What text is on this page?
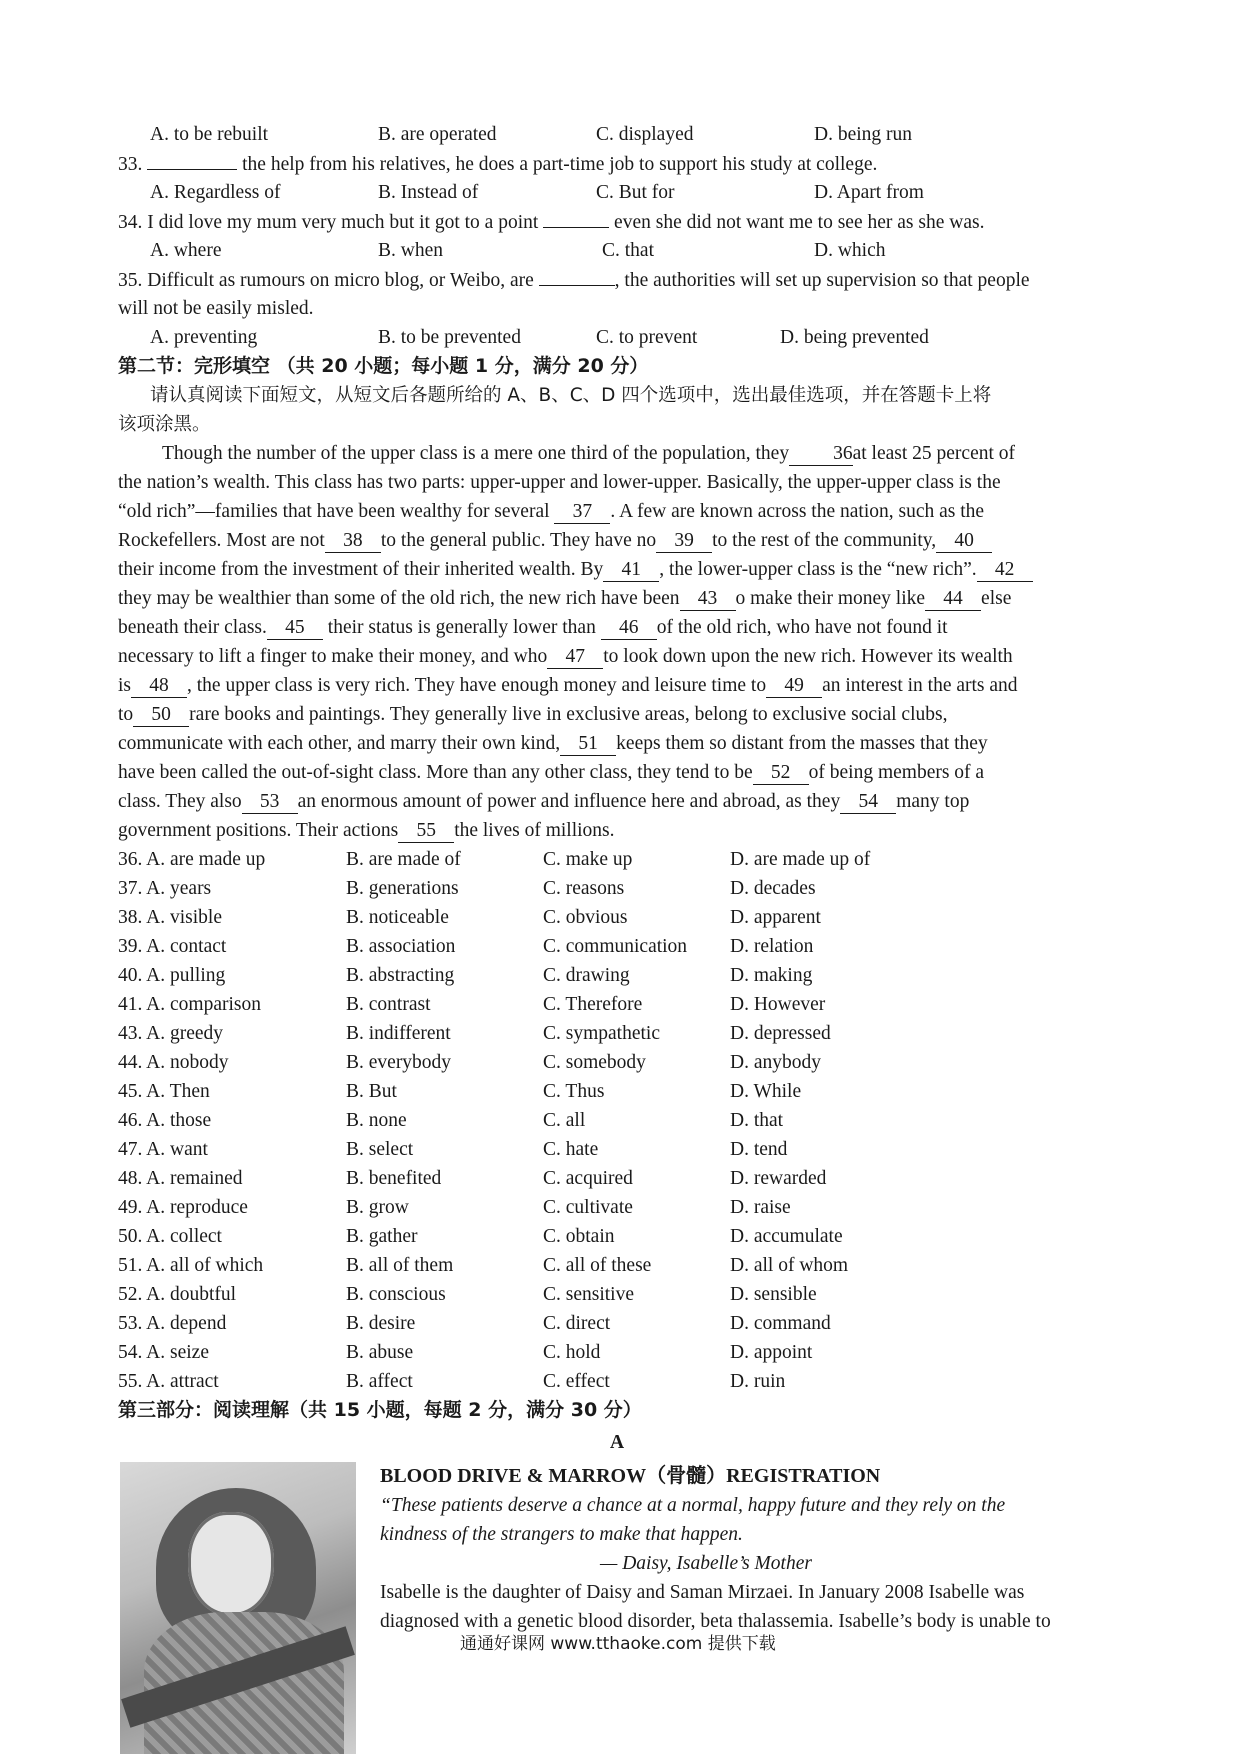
A. to be rebuilt	B. are operated	C. displayed	D. being run
33.	the help from his relatives, he does a part-time job to support his study at college.
A. Regardless of	B. Instead of	C. But for	D. Apart from
34. I did love my mum very much but it got to a point	even she did not want me to see her as she was.
A. where	B. when	C. that	D. which
35. Difficult as rumours on micro blog, or Weibo, are	, the authorities will set up supervision so that people
will not be easily misled.
A. preventing	B. to be prevented	C. to prevent	D. being prevented
第二节：完形填空 （共 20 小题；每小题 1 分，满分 20 分）
请认真阅读下面短文，从短文后各题所给的 A、B、C、D 四个选项中，选出最佳选项，并在答题卡上将
该项涂黑。
Though the number of the upper class is a mere one third of the population, they 36at least 25 percent of
the nation’s wealth. This class has two parts: upper-upper and lower-upper. Basically, the upper-upper class is the
“old rich”—families that have been wealthy for several 37 . A few are known across the nation, such as the
Rockefellers. Most are not 38 to the general public. They have no 39 to the rest of the community, 40
their income from the investment of their inherited wealth. By 41 , the lower-upper class is the “new rich”. 42
they may be wealthier than some of the old rich, the new rich have been 43 o make their money like 44 else
beneath their class. 45 their status is generally lower than 46 of the old rich, who have not found it
necessary to lift a finger to make their money, and who 47 to look down upon the new rich. However its wealth
is 48 , the upper class is very rich. They have enough money and leisure time to 49 an interest in the arts and
to 50 rare books and paintings. They generally live in exclusive areas, belong to exclusive social clubs,
communicate with each other, and marry their own kind, 51 keeps them so distant from the masses that they
have been called the out-of-sight class. More than any other class, they tend to be 52 of being members of a
class. They also 53 an enormous amount of power and influence here and abroad, as they 54 many top
government positions. Their actions 55 the lives of millions.
36. A. are made up	B. are made of	C. make up	D. are made up of
37. A. years	B. generations	C. reasons	D. decades
38. A. visible	B. noticeable	C. obvious	D. apparent
39. A. contact	B. association	C. communication D. relation
40. A. pulling	B. abstracting	C. drawing	D. making
41. A. comparison	B. contrast	C. Therefore	D. However
43. A. greedy	B. indifferent	C. sympathetic	D. depressed
44. A. nobody	B. everybody	C. somebody	D. anybody
45. A. Then	B. But	C. Thus	D. While
46. A. those	B. none	C. all	D. that
47. A. want	B. select	C. hate	D. tend
48. A. remained	B. benefited	C. acquired	D. rewarded
49. A. reproduce	B. grow	C. cultivate	D. raise
50. A. collect	B. gather	C. obtain	D. accumulate
51. A. all of which	B. all of them	C. all of these	D. all of whom
52. A. doubtful	B. conscious	C. sensitive	D. sensible
53. A. depend	B. desire	C. direct	D. command
54. A. seize	B. abuse	C. hold	D. appoint
55. A. attract	B. affect	C. effect	D. ruin
第三部分：阅读理解（共 15 小题，每题 2 分，满分 30 分）
A
BLOOD DRIVE & MARROW（骨髓）REGISTRATION
“These patients deserve a chance at a normal, happy future and they rely on the
kindness of the strangers to make that happen.
— Daisy, Isabelle’s Mother
Isabelle is the daughter of Daisy and Saman Mirzaei. In January 2008 Isabelle was
diagnosed with a genetic blood disorder, beta thalassemia. Isabelle’s body is unable to
通通好课网 www.tthaoke.com 提供下载
